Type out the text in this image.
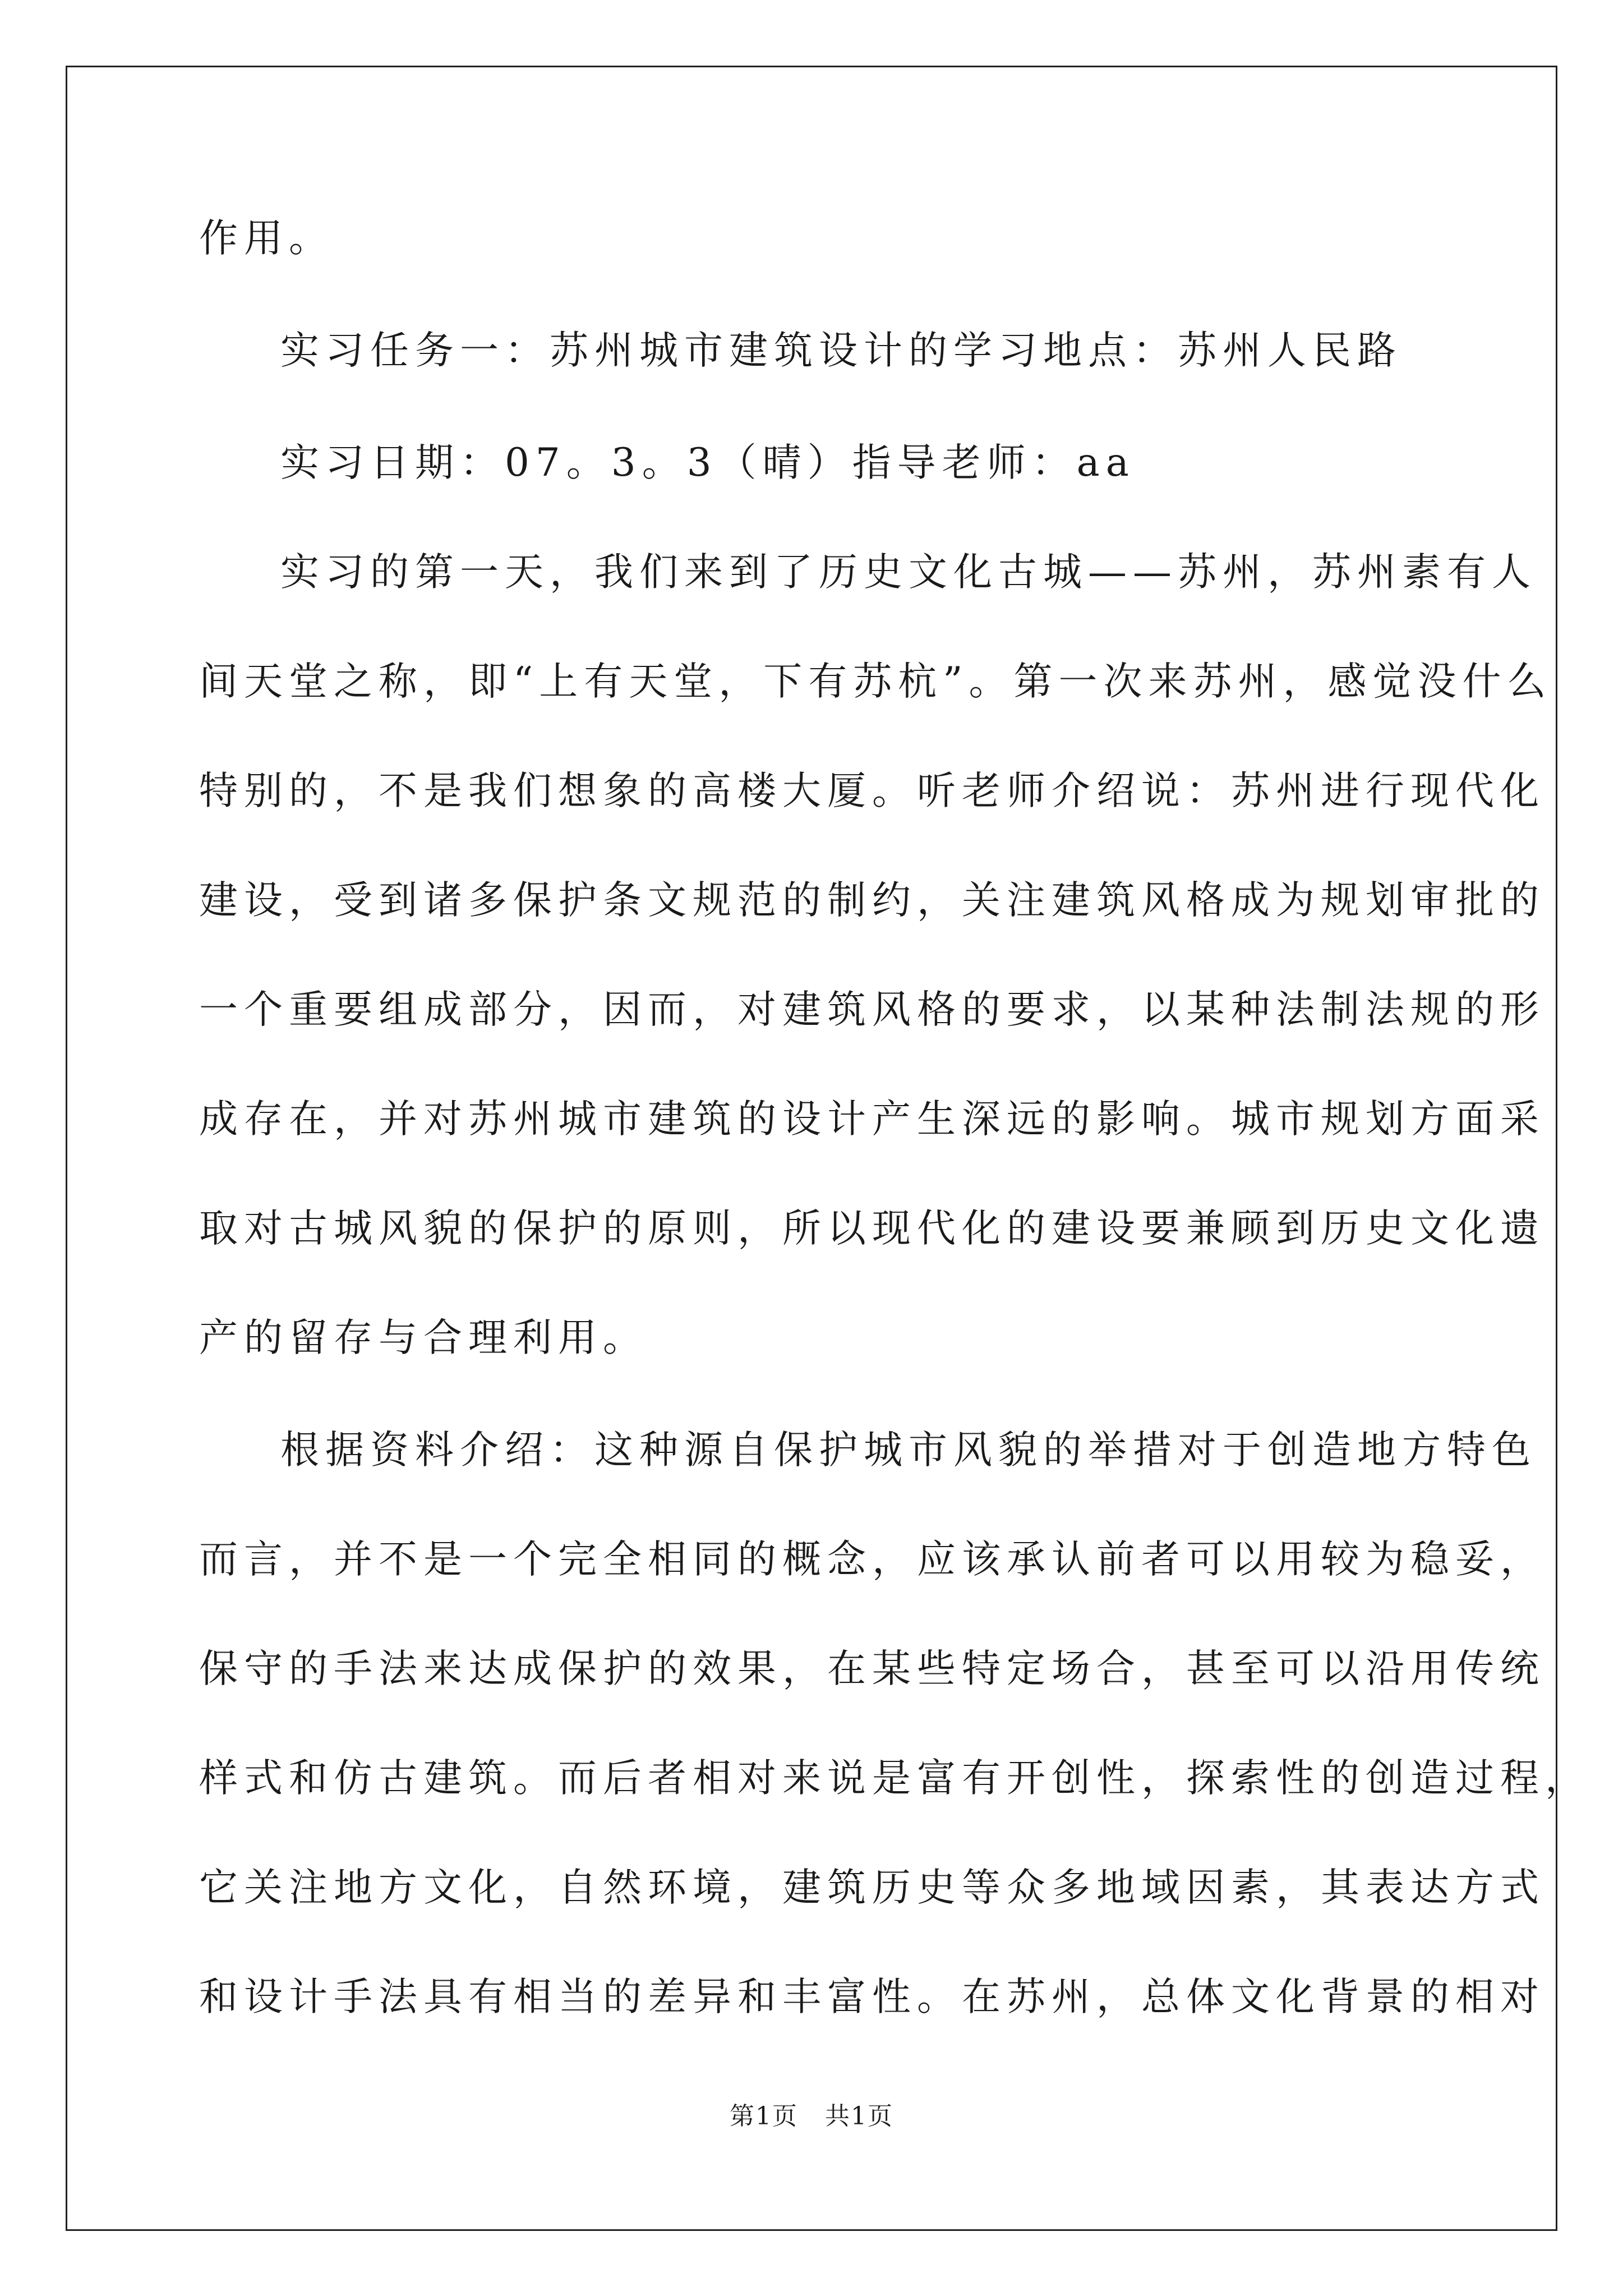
作用。
实习任务一：苏州城市建筑设计的学习地点：苏州人民路
实习日期：07。3。3（晴）指导老师：aa
实习的第一天，我们来到了历史文化古城——苏州，苏州素有人
间天堂之称，即“上有天堂，下有苏杭”。第一次来苏州，感觉没什么
特别的，不是我们想象的高楼大厦。听老师介绍说：苏州进行现代化
建设，受到诸多保护条文规范的制约，关注建筑风格成为规划审批的
一个重要组成部分，因而，对建筑风格的要求，以某种法制法规的形
成存在，并对苏州城市建筑的设计产生深远的影响。城市规划方面采
取对古城风貌的保护的原则，所以现代化的建设要兼顾到历史文化遗
产的留存与合理利用。
根据资料介绍：这种源自保护城市风貌的举措对于创造地方特色
而言，并不是一个完全相同的概念，应该承认前者可以用较为稳妥，
保守的手法来达成保护的效果，在某些特定场合，甚至可以沿用传统
样式和仿古建筑。而后者相对来说是富有开创性，探索性的创造过程，
它关注地方文化，自然环境，建筑历史等众多地域因素，其表达方式
和设计手法具有相当的差异和丰富性。在苏州，总体文化背景的相对
第1页   共1页
